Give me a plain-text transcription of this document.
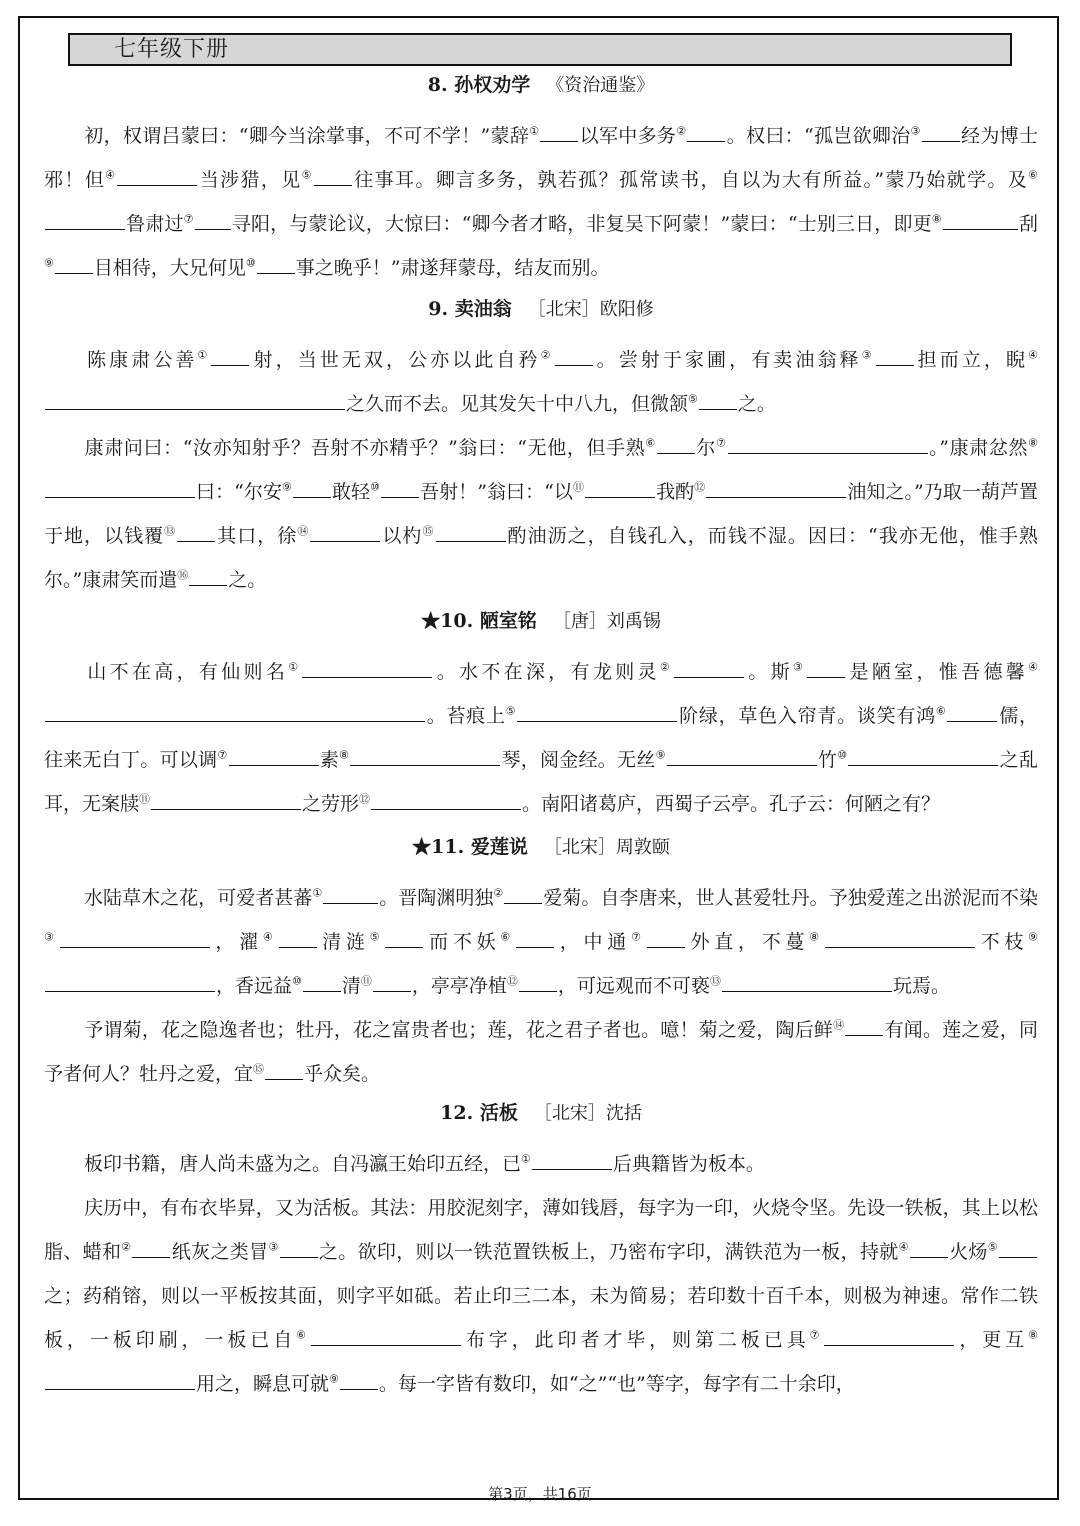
七年级下册

8. 孙权劝学 《资治通鉴》

初，权谓吕蒙曰：“卿今当涂掌事，不可不学！”蒙辞① 以军中多务② 。权曰：“孤岂欲卿治③ 经为博士邪！但④	当涉猎，见⑤ 往事耳。卿言多务，孰若孤？孤常读书，自以为大有所益。”蒙乃始就学。及⑥鲁肃过⑦ 寻阳，与蒙论议，大惊曰：“卿今者才略，非复吴下阿蒙！”蒙曰：“士别三日，即更⑧	刮⑨ 目相待，大兄何见⑩ 事之晚乎！”肃遂拜蒙母，结友而别。

9. 卖油翁 ［北宋］欧阳修

陈康肃公善① 射，当世无双，公亦以此自矜② 。尝射于家圃，有卖油翁释③ 担而立，睨④之久而不去。见其发矢十中八九，但微颔⑤ 之。

康肃问曰：“汝亦知射乎？吾射不亦精乎？”翁曰：“无他，但手熟⑥ 尔⑦	。”康肃忿然⑧曰：“尔安⑨ 敢轻⑩ 吾射！”翁曰：“以⑪	我酌⑫	油知之。”乃取一葫芦置于地，以钱覆⑬ 其口，徐⑭	以杓⑮	酌油沥之，自钱孔入，而钱不湿。因曰：“我亦无他，惟手熟尔。”康肃笑而遣⑯ 之。

★10. 陋室铭 ［唐］刘禹锡

山不在高，有仙则名①	。水不在深，有龙则灵②	。斯③ 是陋室，惟吾德馨④。苔痕上⑤	阶绿，草色入帘青。谈笑有鸿⑥	儒，往来无白丁。可以调⑦	素⑧	琴，阅金经。无丝⑨	竹⑩	之乱耳，无案牍⑪	之劳形⑫	。南阳诸葛庐，西蜀子云亭。孔子云：何陋之有？

★11. 爱莲说 ［北宋］周敦颐

水陆草木之花，可爱者甚蕃①	。晋陶渊明独② 爱菊。自李唐来，世人甚爱牡丹。予独爱莲之出淤泥而不染③	，濯④ 清涟⑤ 而不妖⑥ ，中通⑦ 外直，不蔓⑧	不枝⑨，香远益⑩ 清⑪ ，亭亭净植⑫ ，可远观而不可亵⑬	玩焉。

予谓菊，花之隐逸者也；牡丹，花之富贵者也；莲，花之君子者也。噫！菊之爱，陶后鲜⑭ 有闻。莲之爱，同予者何人？牡丹之爱，宜⑮ 乎众矣。

12. 活板 ［北宋］沈括

板印书籍，唐人尚未盛为之。自冯瀛王始印五经，已①	后典籍皆为板本。

庆历中，有布衣毕昇，又为活板。其法：用胶泥刻字，薄如钱唇，每字为一印，火烧令坚。先设一铁板，其上以松脂、蜡和② 纸灰之类冒③ 之。欲印，则以一铁范置铁板上，乃密布字印，满铁范为一板，持就④ 火炀⑤之；药稍镕，则以一平板按其面，则字平如砥。若止印三二本，未为简易；若印数十百千本，则极为神速。常作二铁板，一板印刷，一板已自⑥	布字，此印者才毕，则第二板已具⑦	，更互⑧用之，瞬息可就⑨ 。每一字皆有数印，如“之”“也”等字，每字有二十余印，

第3页，共16页
